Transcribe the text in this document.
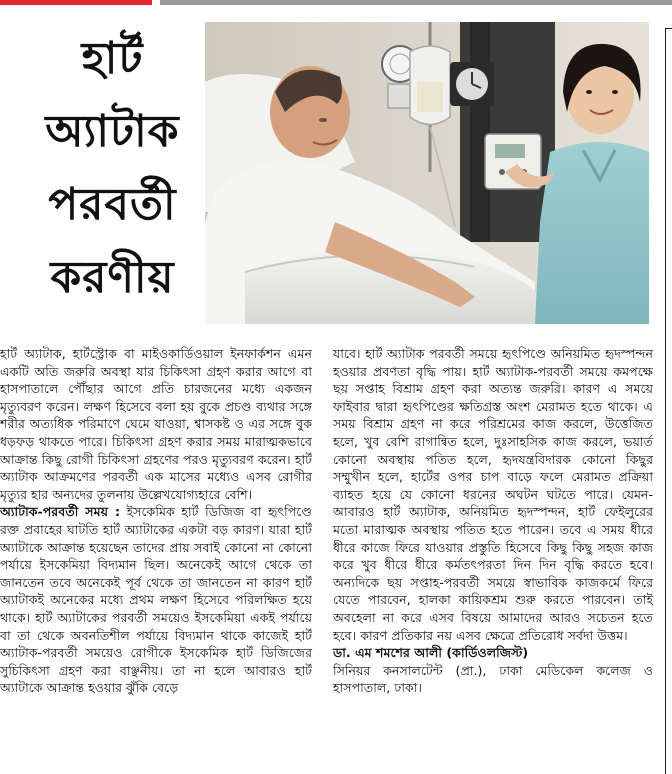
হার্ট
অ্যাটাক
পরবর্তী
করণীয়

হার্ট অ্যাটাক, হার্টস্ট্রোক বা মাইওকার্ডিওয়াল ইনফার্কশন এমন একটি অতি জরুরি অবস্থা যার চিকিৎসা গ্রহণ করার আগে বা হাসপাতালে পৌঁছার আগে প্রতি চারজনের মধ্যে একজন মৃত্যুবরণ করেন। লক্ষণ হিসেবে বলা হয় বুকে প্রচণ্ড ব্যথার সঙ্গে শরীর অত্যধিক পরিমাণে ঘেমে যাওয়া, শ্বাসকষ্ট ও এর সঙ্গে বুক ধড়ফড় থাকতে পারে। চিকিৎসা গ্রহণ করার সময় মারাত্মকভাবে আক্রান্ত কিছু রোগী চিকিৎসা গ্রহণের পরও মৃত্যুবরণ করেন। হার্ট অ্যাটাক আক্রমণের পরবর্তী এক মাসের মধ্যেও এসব রোগীর মৃত্যুর হার অন্যদের তুলনায় উল্লেখযোগ্যহারে বেশি।

অ্যাটাক-পরবর্তী সময় : ইসকেমিক হার্ট ডিজিজ বা হৃৎপিণ্ডে রক্ত প্রবাহের ঘাটতি হার্ট অ্যাটাকের একটা বড় কারণ। যারা হার্ট অ্যাটাকে আক্রান্ত হয়েছেন তাদের প্রায় সবাই কোনো না কোনো পর্যায়ে ইসকেমিয়া বিদ্যমান ছিল। অনেকেই আগে থেকে তা জানতেন তবে অনেকেই পূর্ব থেকে তা জানতেন না কারণ হার্ট অ্যাটাকই অনেকের মধ্যে প্রথম লক্ষণ হিসেবে পরিলক্ষিত হয়ে থাকে। হার্ট অ্যাটাকের পরবর্তী সময়েও ইসকেমিয়া একই পর্যায়ে বা তা থেকে অবনতিশীল পর্যায়ে বিদ্যমান থাকে কাজেই হার্ট অ্যাটাক-পরবর্তী সময়েও রোগীকে ইসকেমিক হার্ট ডিজিজের সুচিকিৎসা গ্রহণ করা বাঞ্ছনীয়। তা না হলে আবারও হার্ট অ্যাটাকে আক্রান্ত হওয়ার ঝুঁকি বেড়ে

যাবে। হার্ট অ্যাটাক পরবর্তী সময়ে হৃৎপিণ্ডে অনিয়মিত হৃদস্পন্দন হওয়ার প্রবণতা বৃদ্ধি পায়। হার্ট অ্যাটাক-পরবর্তী সময়ে কমপক্ষে ছয় সপ্তাহ বিশ্রাম গ্রহণ করা অত্যন্ত জরুরি। কারণ এ সময়ে ফাইবার দ্বারা হৃৎপিণ্ডের ক্ষতিগ্রস্ত অংশ মেরামত হতে থাকে। এ সময় বিশ্রাম গ্রহণ না করে পরিশ্রমের কাজ করলে, উত্তেজিত হলে, খুব বেশি রাগান্বিত হলে, দুঃসাহসিক কাজ করলে, ভয়ার্ত কোনো অবস্থায় পতিত হলে, হৃদযন্ত্রবিদারক কোনো কিছুর সম্মুখীন হলে, হার্টের ওপর চাপ বাড়ে ফলে মেরামত প্রক্রিয়া ব্যাহত হয়ে যে কোনো ধরনের অঘটন ঘটতে পারে। যেমন- আবারও হার্ট অ্যাটাক, অনিয়মিত হৃদস্পন্দন, হার্ট ফেইলুরের মতো মারাত্মক অবস্থায় পতিত হতে পারেন। তবে এ সময় ধীরে ধীরে কাজে ফিরে যাওয়ার প্রস্তুতি হিসেবে কিছু কিছু সহজ কাজ করে খুব ধীরে ধীরে কর্মতৎপরতা দিন দিন বৃদ্ধি করতে হবে। অন্যদিকে ছয় সপ্তাহ-পরবর্তী সময়ে স্বাভাবিক কাজকর্মে ফিরে যেতে পারবেন, হালকা কায়িকশ্রম শুরু করতে পারবেন। তাই অবহেলা না করে এসব বিষয়ে আমাদের আরও সচেতন হতে হবে। কারণ প্রতিকার নয় এসব ক্ষেত্রে প্রতিরোধ সর্বদা উত্তম।

ডা. এম শমশের আলী (কার্ডিওলজিস্ট)

সিনিয়র কনসালটেন্ট (প্রা.), ঢাকা মেডিকেল কলেজ ও হাসপাতাল, ঢাকা।
